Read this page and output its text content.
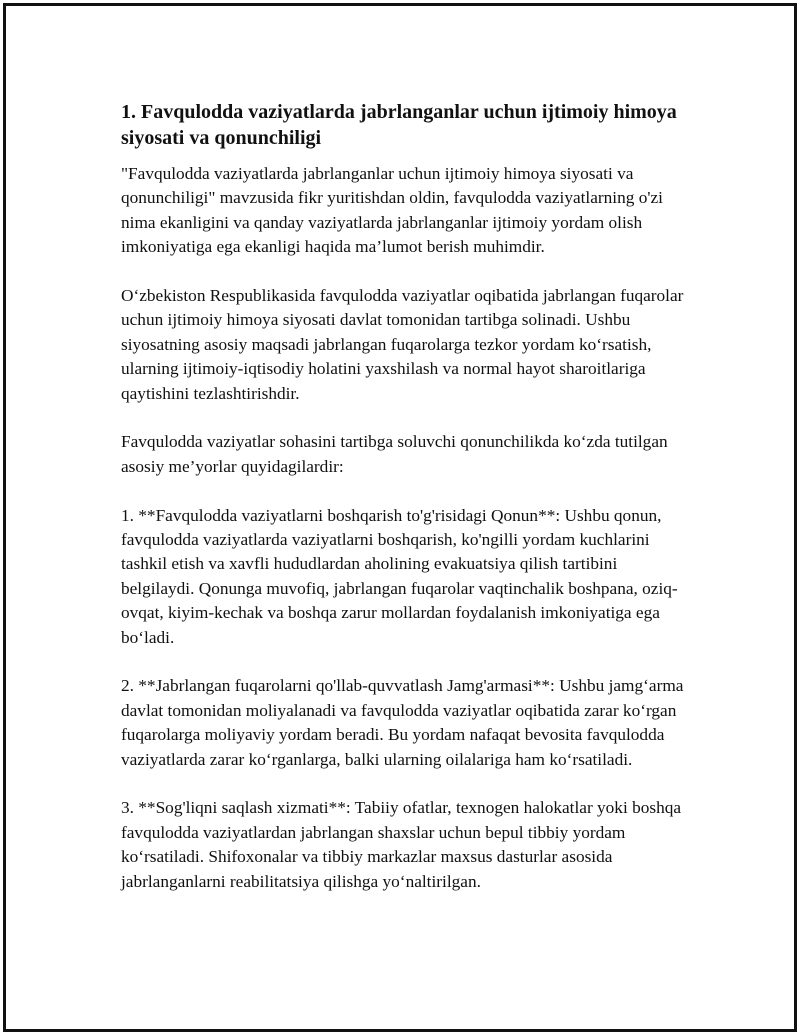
1. Favqulodda vaziyatlarda jabrlanganlar uchun ijtimoiy himoya siyosati va qonunchiligi

"Favqulodda vaziyatlarda jabrlanganlar uchun ijtimoiy himoya siyosati va qonunchiligi" mavzusida fikr yuritishdan oldin, favqulodda vaziyatlarning o'zi nima ekanligini va qanday vaziyatlarda jabrlanganlar ijtimoiy yordam olish imkoniyatiga ega ekanligi haqida ma’lumot berish muhimdir.

O‘zbekiston Respublikasida favqulodda vaziyatlar oqibatida jabrlangan fuqarolar uchun ijtimoiy himoya siyosati davlat tomonidan tartibga solinadi. Ushbu siyosatning asosiy maqsadi jabrlangan fuqarolarga tezkor yordam ko‘rsatish, ularning ijtimoiy-iqtisodiy holatini yaxshilash va normal hayot sharoitlariga qaytishini tezlashtirishdir.

Favqulodda vaziyatlar sohasini tartibga soluvchi qonunchilikda ko‘zda tutilgan asosiy me’yorlar quyidagilardir:

1. **Favqulodda vaziyatlarni boshqarish to'g'risidagi Qonun**: Ushbu qonun, favqulodda vaziyatlarda vaziyatlarni boshqarish, ko'ngilli yordam kuchlarini tashkil etish va xavfli hududlardan aholining evakuatsiya qilish tartibini belgilaydi. Qonunga muvofiq, jabrlangan fuqarolar vaqtinchalik boshpana, oziq-ovqat, kiyim-kechak va boshqa zarur mollardan foydalanish imkoniyatiga ega bo‘ladi.

2. **Jabrlangan fuqarolarni qo'llab-quvvatlash Jamg'armasi**: Ushbu jamg‘arma davlat tomonidan moliyalanadi va favqulodda vaziyatlar oqibatida zarar ko‘rgan fuqarolarga moliyaviy yordam beradi. Bu yordam nafaqat bevosita favqulodda vaziyatlarda zarar ko‘rganlarga, balki ularning oilalariga ham ko‘rsatiladi.

3. **Sog'liqni saqlash xizmati**: Tabiiy ofatlar, texnogen halokatlar yoki boshqa favqulodda vaziyatlardan jabrlangan shaxslar uchun bepul tibbiy yordam ko‘rsatiladi. Shifoxonalar va tibbiy markazlar maxsus dasturlar asosida jabrlanganlarni reabilitatsiya qilishga yo‘naltirilgan.
